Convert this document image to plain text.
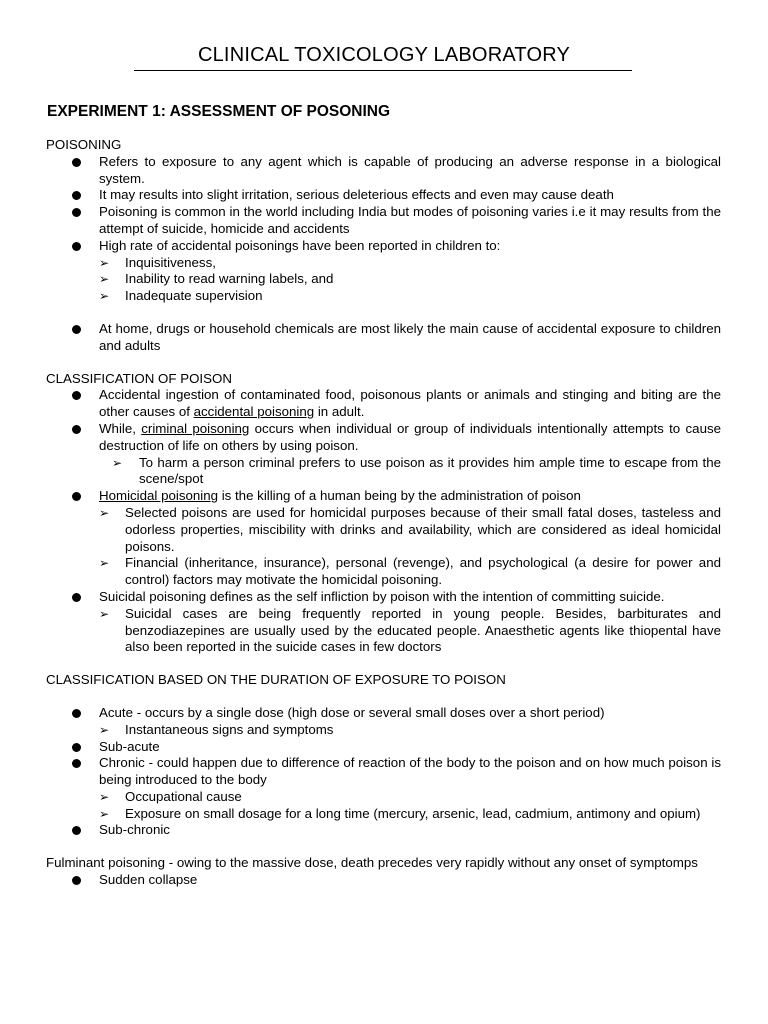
CLINICAL TOXICOLOGY LABORATORY
EXPERIMENT 1: ASSESSMENT OF POSONING
POISONING
Refers to exposure to any agent which is capable of producing an adverse response in a biological system.
It may results into slight irritation, serious deleterious effects and even may cause death
Poisoning is common in the world including India but modes of poisoning varies i.e it may results from the attempt of suicide, homicide and accidents
High rate of accidental poisonings have been reported in children to:
➢ Inquisitiveness,
➢ Inability to read warning labels, and
➢ Inadequate supervision
At home, drugs or household chemicals are most likely the main cause of accidental exposure to children and adults
CLASSIFICATION OF POISON
Accidental ingestion of contaminated food, poisonous plants or animals and stinging and biting are the other causes of accidental poisoning in adult.
While, criminal poisoning occurs when individual or group of individuals intentionally attempts to cause destruction of life on others by using poison.
➢ To harm a person criminal prefers to use poison as it provides him ample time to escape from the scene/spot
Homicidal poisoning is the killing of a human being by the administration of poison
➢ Selected poisons are used for homicidal purposes because of their small fatal doses, tasteless and odorless properties, miscibility with drinks and availability, which are considered as ideal homicidal poisons.
➢ Financial (inheritance, insurance), personal (revenge), and psychological (a desire for power and control) factors may motivate the homicidal poisoning.
Suicidal poisoning defines as the self infliction by poison with the intention of committing suicide.
➢ Suicidal cases are being frequently reported in young people. Besides, barbiturates and benzodiazepines are usually used by the educated people. Anaesthetic agents like thiopental have also been reported in the suicide cases in few doctors
CLASSIFICATION BASED ON THE DURATION OF EXPOSURE TO POISON
Acute - occurs by a single dose (high dose or several small doses over a short period)
➢ Instantaneous signs and symptoms
Sub-acute
Chronic - could happen due to difference of reaction of the body to the poison and on how much poison is being introduced to the body
➢ Occupational cause
➢ Exposure on small dosage for a long time (mercury, arsenic, lead, cadmium, antimony and opium)
Sub-chronic
Fulminant poisoning - owing to the massive dose, death precedes very rapidly without any onset of symptomps
Sudden collapse
